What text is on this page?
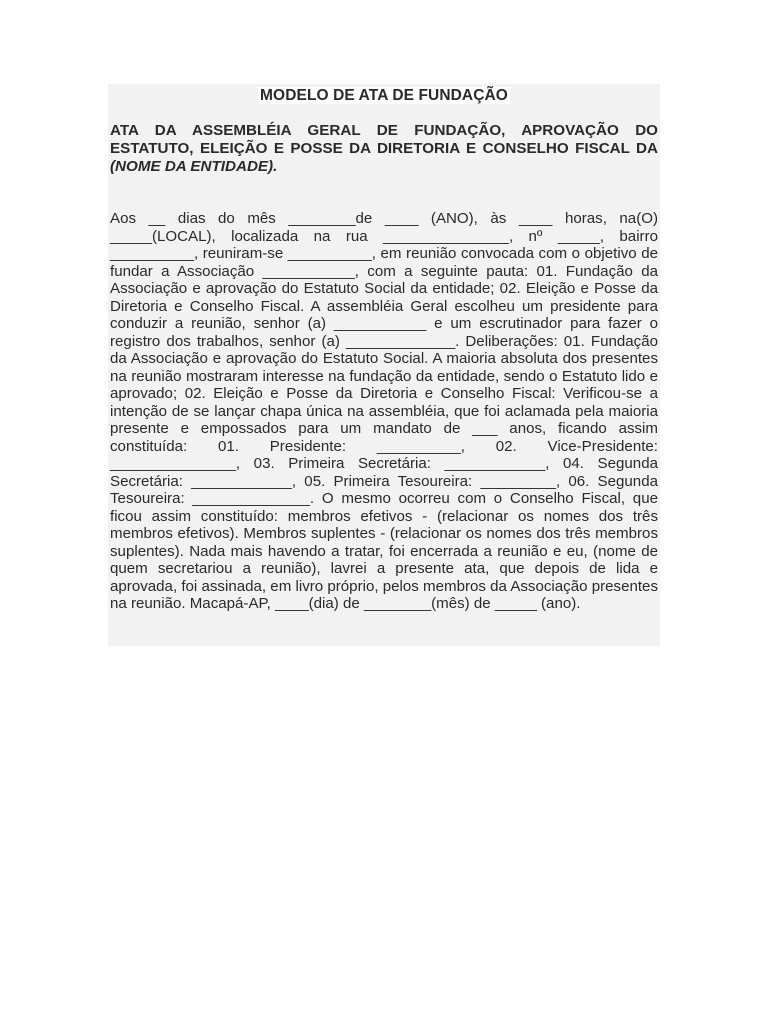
MODELO DE ATA DE FUNDAÇÃO

ATA DA ASSEMBLÉIA GERAL DE FUNDAÇÃO, APROVAÇÃO DO ESTATUTO, ELEIÇÃO E POSSE DA DIRETORIA E CONSELHO FISCAL DA (NOME DA ENTIDADE).

Aos __ dias do mês ________de ____ (ANO), às ____ horas, na(O) _____(LOCAL), localizada na rua _______________, nº _____, bairro __________, reuniram-se __________, em reunião convocada com o objetivo de fundar a Associação ___________, com a seguinte pauta: 01. Fundação da Associação e aprovação do Estatuto Social da entidade; 02. Eleição e Posse da Diretoria e Conselho Fiscal. A assembléia Geral escolheu um presidente para conduzir a reunião, senhor (a) ___________ e um escrutinador para fazer o registro dos trabalhos, senhor (a) _____________. Deliberações: 01. Fundação da Associação e aprovação do Estatuto Social. A maioria absoluta dos presentes na reunião mostraram interesse na fundação da entidade, sendo o Estatuto lido e aprovado; 02. Eleição e Posse da Diretoria e Conselho Fiscal: Verificou-se a intenção de se lançar chapa única na assembléia, que foi aclamada pela maioria presente e empossados para um mandato de ___ anos, ficando assim constituída: 01. Presidente: __________, 02. Vice-Presidente: _______________, 03. Primeira Secretária: ____________, 04. Segunda Secretária: ____________, 05. Primeira Tesoureira: _________, 06. Segunda Tesoureira: ______________. O mesmo ocorreu com o Conselho Fiscal, que ficou assim constituído: membros efetivos - (relacionar os nomes dos três membros efetivos). Membros suplentes - (relacionar os nomes dos três membros suplentes). Nada mais havendo a tratar, foi encerrada a reunião e eu, (nome de quem secretariou a reunião), lavrei a presente ata, que depois de lida e aprovada, foi assinada, em livro próprio, pelos membros da Associação presentes na reunião. Macapá-AP, ____(dia) de ________(mês) de _____ (ano).
